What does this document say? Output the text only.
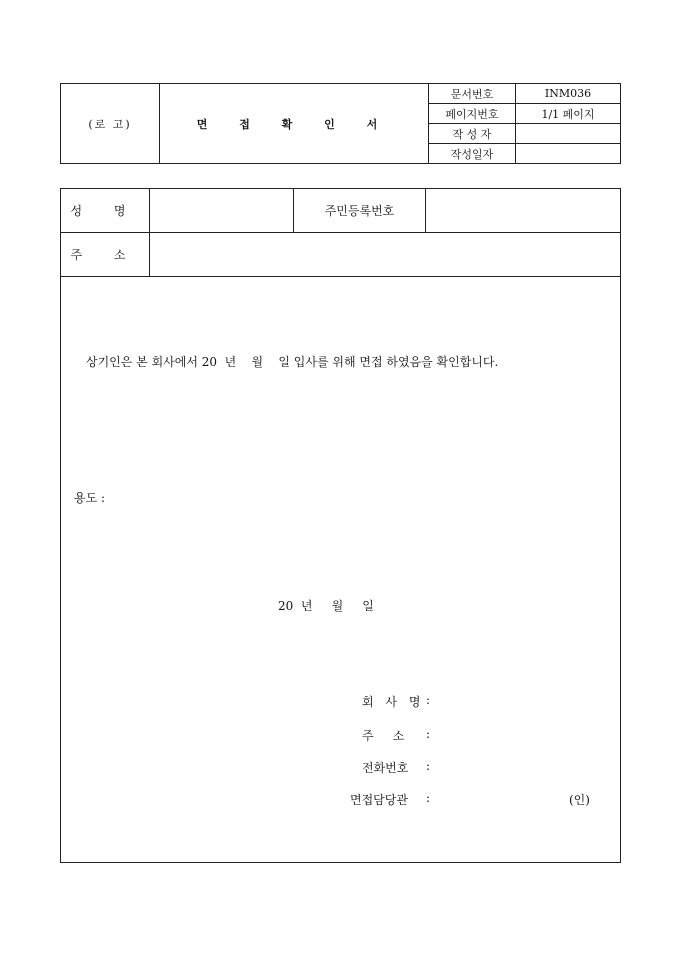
(로 고)	면 접 확 인 서	문서번호	INM036
		페이지번호	1/1 페이지
		작 성 자	
		작성일자	
성 명		주민등록번호	
주 소			
상기인은 본 회사에서 20  년    월    일 입사를 위해 면접 하였음을 확인합니다.
용도 :
20  년     월     일
회 사 명 :
주     소 :
전화번호 :
면접담당관 :	(인)
